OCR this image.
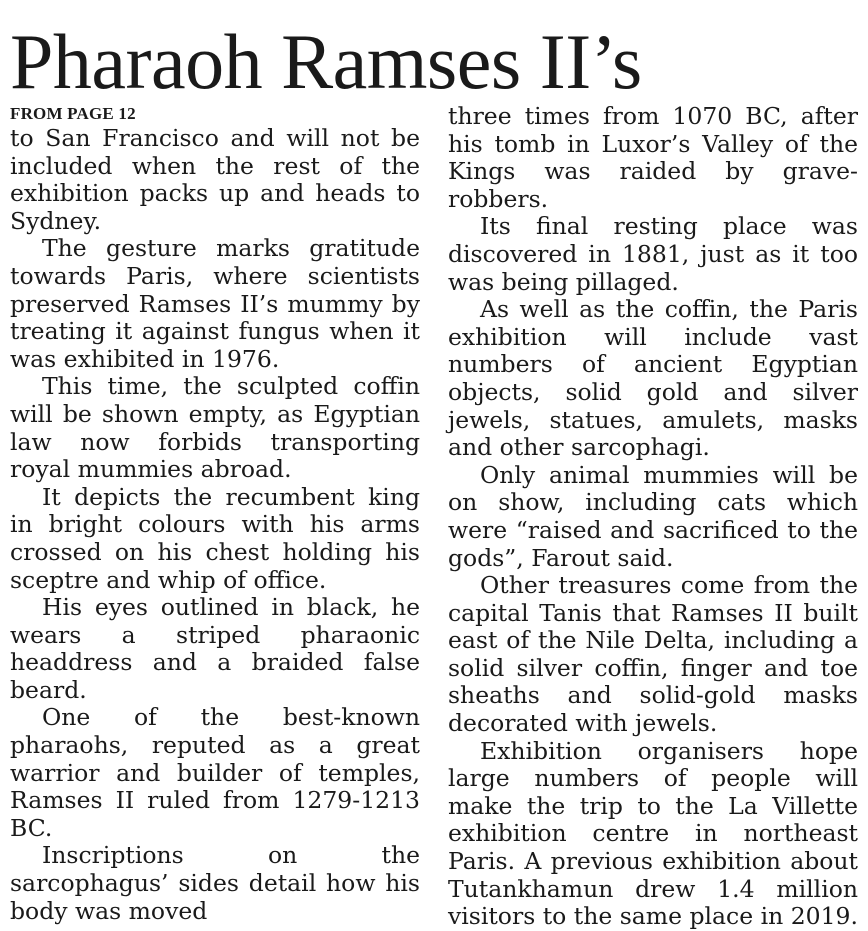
Pharaoh Ramses II’s
FROM PAGE 12

to San Francisco and will not be included when the rest of the exhibition packs up and heads to Sydney.

The gesture marks gratitude towards Paris, where scientists preserved Ramses II’s mummy by treating it against fungus when it was exhibited in 1976.

This time, the sculpted coffin will be shown empty, as Egyptian law now forbids transporting royal mummies abroad.

It depicts the recumbent king in bright colours with his arms crossed on his chest holding his sceptre and whip of office.

His eyes outlined in black, he wears a striped pharaonic headdress and a braided false beard.

One of the best-known pharaohs, reputed as a great warrior and builder of temples, Ramses II ruled from 1279-1213 BC.

Inscriptions on the sarcophagus’ sides detail how his body was moved

three times from 1070 BC, after his tomb in Luxor’s Valley of the Kings was raided by grave-robbers.

Its final resting place was discovered in 1881, just as it too was being pillaged.

As well as the coffin, the Paris exhibition will include vast numbers of ancient Egyptian objects, solid gold and silver jewels, statues, amulets, masks and other sarcophagi.

Only animal mummies will be on show, including cats which were “raised and sacrificed to the gods”, Farout said.

Other treasures come from the capital Tanis that Ramses II built east of the Nile Delta, including a solid silver coffin, finger and toe sheaths and solid-gold masks decorated with jewels.

Exhibition organisers hope large numbers of people will make the trip to the La Villette exhibition centre in northeast Paris. A previous exhibition about Tutankhamun drew 1.4 million visitors to the same place in 2019.
